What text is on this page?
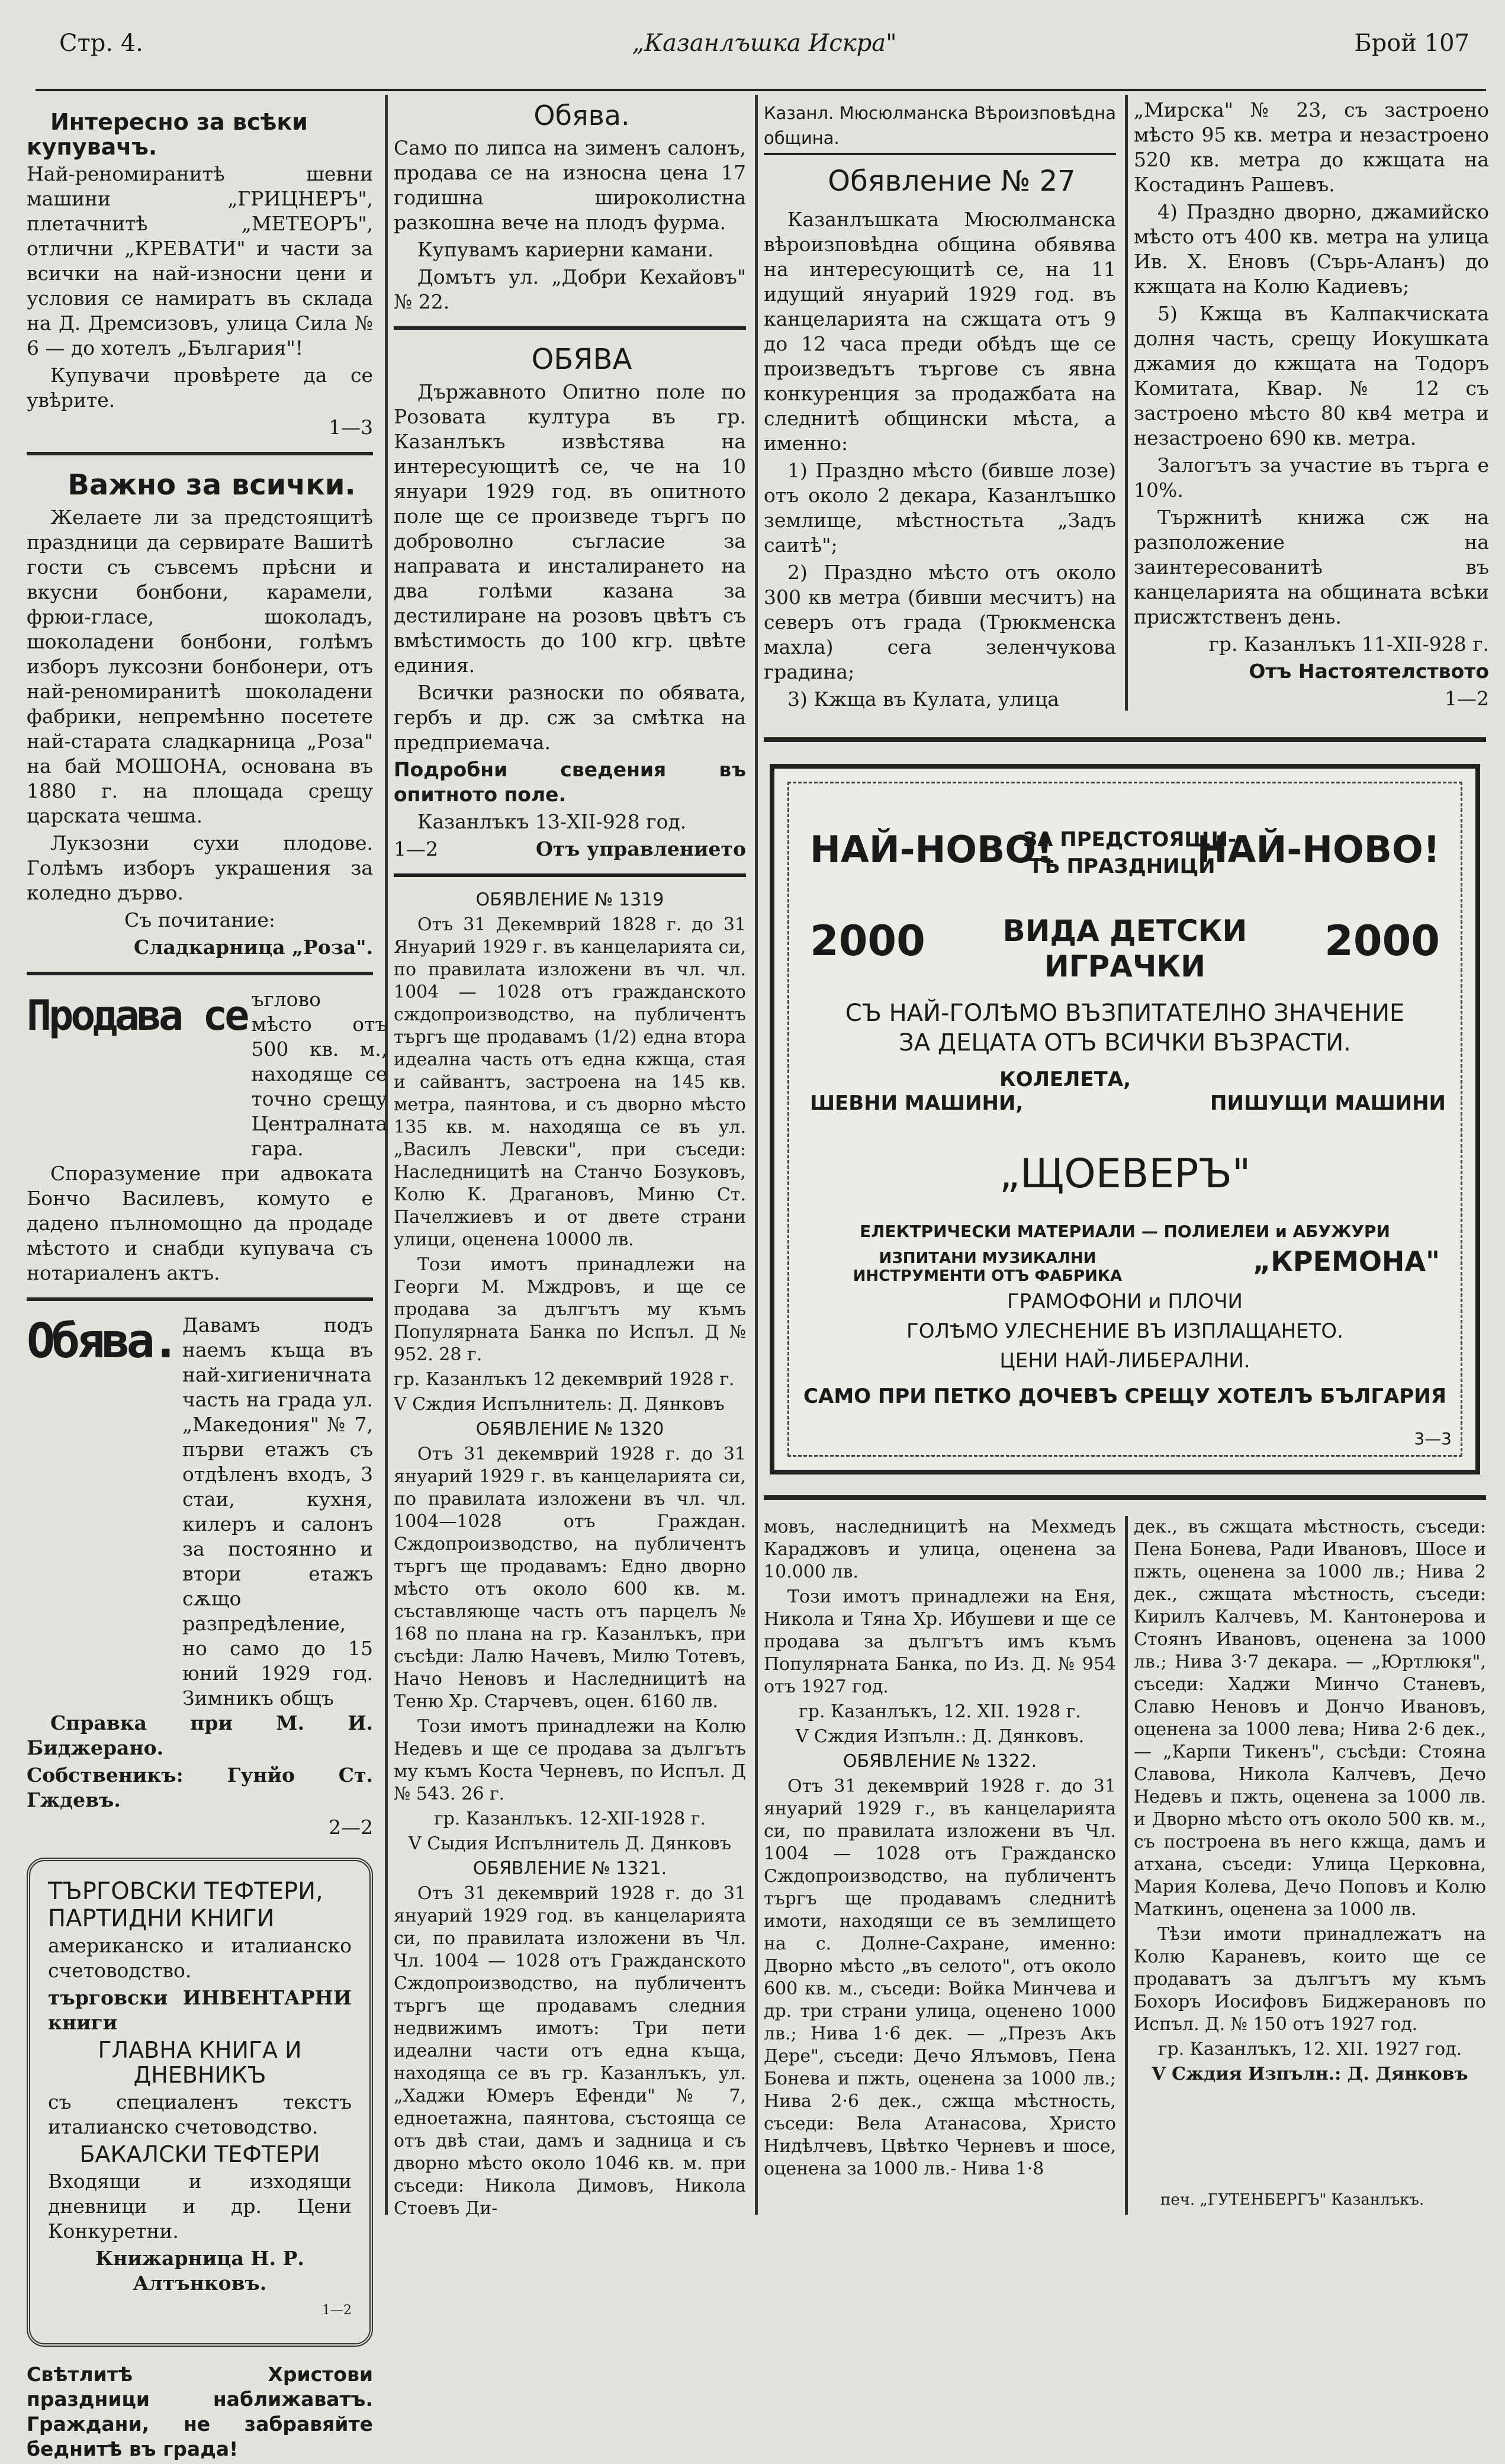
Стр. 4.	„Казанлъшка Искра"	Брой 107

Интересно за всѣки купувачъ.

Най-реномиранитѣ шевни машини „ГРИЦНЕРЪ", плетачнитѣ „МЕТЕОРЪ", отлични „КРЕВАТИ" и части за всички на най-износни цени и условия се намиратъ въ склада на Д. Дремсизовъ, улица Сила № 6 — до хотелъ „България"!

Купувачи провѣрете да се увѣрите.

1—3

Важно за всички.

Желаете ли за предстоящитѣ праздници да сервирате Вашитѣ гости съ съвсемъ прѣсни и вкусни бонбони, карамели, фрюи-гласе, шоколадъ, шоколадени бонбони, голѣмъ изборъ луксозни бонбонери, отъ най-реномиранитѣ шоколадени фабрики, непремѣнно посетете най-старата сладкарница „Роза" на бай МОШОНА, основана въ 1880 г. на площада срещу царската чешма.

Лукзозни сухи плодове. Голѣмъ изборъ украшения за коледно дърво.

Съ почитание:

Сладкарница „Роза".

Продава се ъглово мѣсто отъ 500 кв. м., находяще се точно срещу Централната гара.

Споразумение при адвоката Бончо Василевъ, комуто е дадено пълномощно да продаде мѣстото и снабди купувача съ нотариаленъ актъ.

Обява. Давамъ подъ наемъ къща въ най-хигиеничната часть на града ул. „Македония" № 7, първи етажъ съ отдѣленъ входъ, 3 стаи, кухня, килеръ и салонъ за постоянно и втори етажъ сѫщо разпредѣление, но само до 15 юний 1929 год. Зимникъ общъ

Справка при М. И. Биджерано.

Собственикъ: Гунйо Ст. Гждевъ.

2—2

ТЪРГОВСКИ ТЕФТЕРИ,

ПАРТИДНИ КНИГИ

американско и италианско счетоводство.

търговски ИНВЕНТАРНИ книги

ГЛАВНА КНИГА И ДНЕВНИКЪ

съ специаленъ текстъ италианско счетоводство.

БАКАЛСКИ ТЕФТЕРИ

Входящи и изходящи дневници и др. Цени Конкуретни.

Книжарница Н. Р. Алтънковъ.

1—2

Свѣтлитѣ Христови праздници наближаватъ. Граждани, не забравяйте беднитѣ въ града!

Обява.

Само по липса на зименъ салонъ, продава се на износна цена 17 годишна широколистна разкошна вече на плодъ фурма.

Купувамъ кариерни камани.

Домътъ ул. „Добри Кехайовъ" № 22.

ОБЯВА

Държавното Опитно поле по Розовата култура въ гр. Казанлъкъ извѣстява на интересующитѣ се, че на 10 януари 1929 год. въ опитното поле ще се произведе търгъ по доброволно съгласие за направата и инсталирането на два голѣми казана за дестилиране на розовъ цвѣтъ съ вмѣстимость до 100 кгр. цвѣте единия.

Всички разноски по обявата, гербъ и др. сж за смѣтка на предприемача.

Подробни сведения въ опитното поле.

Казанлъкъ 13-XII-928 год.

1—2	Отъ управлението

ОБЯВЛЕНИЕ № 1319

Отъ 31 Декемврий 1828 г. до 31 Януарий 1929 г. въ канцеларията си, по правилата изложени въ чл. чл. 1004 — 1028 отъ гражданското сждопроизводство, на публичентъ търгъ ще продавамъ (1/2) една втора идеална часть отъ една кжща, стая и сайвантъ, застроена на 145 кв. метра, паянтова, и съ дворно мѣсто 135 кв. м. находяща се въ ул. „Василъ Левски", при съседи: Наследницитѣ на Станчо Бозуковъ, Колю К. Драгановъ, Миню Ст. Пачелжиевъ и от двете страни улици, оценена 10000 лв.

Този имотъ принадлежи на Георги М. Мждровъ, и ще се продава за дългътъ му къмъ Популярната Банка по Испъл. Д № 952. 28 г.

гр. Казанлъкъ 12 декемврий 1928 г.

V Сждия Испълнитель: Д. Дянковъ

ОБЯВЛЕНИЕ № 1320

Отъ 31 декемврий 1928 г. до 31 януарий 1929 г. въ канцеларията си, по правилата изложени въ чл. чл. 1004—1028 отъ Граждан. Сждопроизводство, на публичентъ търгъ ще продавамъ: Едно дворно мѣсто отъ около 600 кв. м. съставляюще часть отъ парцелъ № 168 по плана на гр. Казанлъкъ, при съсѣди: Лалю Начевъ, Милю Тотевъ, Начо Неновъ и Наследницитѣ на Теню Хр. Старчевъ, оцен. 6160 лв.

Този имотъ принадлежи на Колю Недевъ и ще се продава за дългътъ му къмъ Коста Черневъ, по Испъл. Д № 543. 26 г.

гр. Казанлъкъ. 12-XII-1928 г.

V Сыдия Испълнитель Д. Дянковъ

ОБЯВЛЕНИЕ № 1321.

Отъ 31 декемврий 1928 г. до 31 януарий 1929 год. въ канцеларията си, по правилата изложени въ Чл. Чл. 1004 — 1028 отъ Гражданското Сждопроизводство, на публичентъ търгъ ще продавамъ следния недвижимъ имотъ: Три пети идеални части отъ една къща, находяща се въ гр. Казанлъкъ, ул. „Хаджи Юмеръ Ефенди" № 7, едноетажна, паянтова, състояща се отъ двѣ стаи, дамъ и задница и съ дворно мѣсто около 1046 кв. м. при съседи: Никола Димовъ, Никола Стоевъ Ди-

Казанл. Мюсюлманска Вѣроизповѣдна община.

Обявление № 27

Казанлъшката Мюсюлманска вѣроизповѣдна община обявява на интересующитѣ се, на 11 идущий януарий 1929 год. въ канцеларията на сжщата отъ 9 до 12 часа преди обѣдъ ще се произведътъ търгове съ явна конкуренция за продажбата на следнитѣ общински мѣста, а именно:

1) Праздно мѣсто (бивше лозе) отъ около 2 декара, Казанлъшко землище, мѣстностьта „Задъ саитѣ";

2) Праздно мѣсто отъ около 300 кв метра (бивши месчитъ) на северъ отъ града (Трюкменска махла) сега зеленчукова градина;

3) Кжща въ Кулата, улица

„Мирска" № 23, съ застроено мѣсто 95 кв. метра и незастроено 520 кв. метра до кжщата на Костадинъ Рашевъ.

4) Праздно дворно, джамийско мѣсто отъ 400 кв. метра на улица Ив. Х. Еновъ (Сърь-Аланъ) до кжщата на Колю Кадиевъ;

5) Кжща въ Калпакчискатa долня часть, срещу Иокушката джамия до кжщата на Тодоръ Комитата, Квар. № 12 съ застроено мѣсто 80 кв4 метра и незастроено 690 кв. метра.

Залогътъ за участие въ търга е 10%.

Тържнитѣ книжа сж на разположение на заинтересованитѣ въ канцеларията на общината всѣки присжтственъ день.

гр. Казанлъкъ 11-XII-928 г.

Отъ Настоятелството

1—2

НАЙ-НОВО!
ЗА ПРЕДСТОЯЩИ-
ТѢ ПРАЗДНИЦИ
НАЙ-НОВО!
2000	ВИДА ДЕТСКИ
ИГРАЧКИ
2000
СЪ НАЙ-ГОЛѢМО ВЪЗПИТАТЕЛНО ЗНАЧЕНИЕ
ЗА ДЕЦАТА ОТЪ ВСИЧКИ ВЪЗРАСТИ.
КОЛЕЛЕТА,
ШЕВНИ МАШИНИ,	ПИШУЩИ МАШИНИ
„ЩОЕВЕРЪ"
ЕЛЕКТРИЧЕСКИ МАТЕРИАЛИ — ПОЛИЕЛЕИ и АБУЖУРИ
ИЗПИТАНИ МУЗИКАЛНИ ИНСТРУМЕНТИ ОТЪ ФАБРИКА	„КРЕМОНА"
ГРАМОФОНИ и ПЛОЧИ
ГОЛѢМО УЛЕСНЕНИЕ ВЪ ИЗПЛАЩАНЕТО.
ЦЕНИ НАЙ-ЛИБЕРАЛНИ.
САМО ПРИ ПЕТКО ДОЧЕВЪ СРЕЩУ ХОТЕЛЪ БЪЛГАРИЯ
3—3

мовъ, наследницитѣ на Мехмедъ Караджовъ и улица, оценена за 10.000 лв.

Този имотъ принадлежи на Еня, Никола и Тяна Хр. Ибушеви и ще се продава за дългътъ имъ къмъ Популярната Банка, по Из. Д. № 954 отъ 1927 год.

гр. Казанлъкъ, 12. XII. 1928 г.

V Сждия Изпълн.: Д. Дянковъ.

ОБЯВЛЕНИЕ № 1322.

Отъ 31 декемврий 1928 г. до 31 януарий 1929 г., въ канцеларията си, по правилата изложени въ Чл. 1004 — 1028 отъ Гражданско Сждопроизводство, на публичентъ търгъ ще продавамъ следнитѣ имоти, находящи се въ землището на с. Долне-Сахране, именно: Дворно мѣсто „въ селото", отъ около 600 кв. м., съседи: Войка Минчева и др. три страни улица, оценено 1000 лв.; Нива 1·6 дек. — „Презъ Акъ Дере", съседи: Дечо Ялъмовъ, Пена Бонева и пжть, оценена за 1000 лв.; Нива 2·6 дек., сжща мѣстность, съседи: Вела Атанасова, Христо Нидѣлчевъ, Цвѣтко Черневъ и шосе, оценена за 1000 лв.- Нива 1·8

дек., въ сжщата мѣстность, съседи: Пена Бонева, Ради Ивановъ, Шосе и пжть, оценена за 1000 лв.; Нива 2 дек., сжщата мѣстность, съседи: Кирилъ Калчевъ, М. Кантонерова и Стоянъ Ивановъ, оценена за 1000 лв.; Нива 3·7 декара. — „Юртлюкя", съседи: Хаджи Минчо Станевъ, Славю Неновъ и Дончо Ивановъ, оценена за 1000 лева; Нива 2·6 дек., — „Карпи Тикенъ", съсѣди: Стояна Славова, Никола Калчевъ, Дечо Недевъ и пжть, оценена за 1000 лв. и Дворно мѣсто отъ около 500 кв. м., съ построена въ него кжща, дамъ и атхана, съседи: Улица Церковна, Мария Колева, Дечо Поповъ и Колю Маткинъ, оценена за 1000 лв.

Тѣзи имоти принадлежатъ на Колю Караневъ, които ще се продаватъ за дългътъ му къмъ Бохоръ Иосифовъ Биджерановъ по Испъл. Д. № 150 отъ 1927 год.

гр. Казанлъкъ, 12. XII. 1927 год.

V Сждия Изпълн.: Д. Дянковъ

печ. „ГУТЕНБЕРГЪ" Казанлъкъ.
